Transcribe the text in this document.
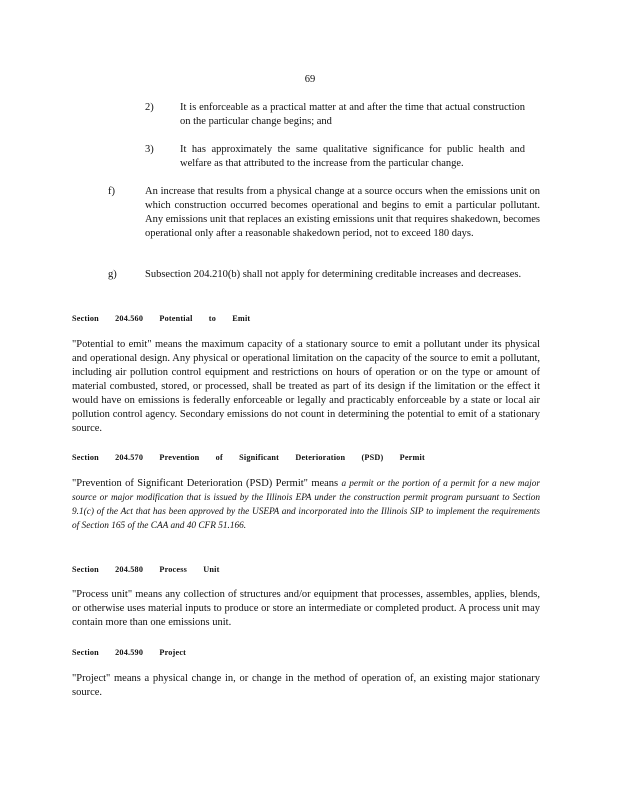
69
2)	It is enforceable as a practical matter at and after the time that actual construction on the particular change begins; and
3)	It has approximately the same qualitative significance for public health and welfare as that attributed to the increase from the particular change.
f)	An increase that results from a physical change at a source occurs when the emissions unit on which construction occurred becomes operational and begins to emit a particular pollutant. Any emissions unit that replaces an existing emissions unit that requires shakedown, becomes operational only after a reasonable shakedown period, not to exceed 180 days.
g)	Subsection 204.210(b) shall not apply for determining creditable increases and decreases.
Section 204.560 Potential to Emit
"Potential to emit" means the maximum capacity of a stationary source to emit a pollutant under its physical and operational design. Any physical or operational limitation on the capacity of the source to emit a pollutant, including air pollution control equipment and restrictions on hours of operation or on the type or amount of material combusted, stored, or processed, shall be treated as part of its design if the limitation or the effect it would have on emissions is federally enforceable or legally and practicably enforceable by a state or local air pollution control agency. Secondary emissions do not count in determining the potential to emit of a stationary source.
Section 204.570 Prevention of Significant Deterioration (PSD) Permit
"Prevention of Significant Deterioration (PSD) Permit" means a permit or the portion of a permit for a new major source or major modification that is issued by the Illinois EPA under the construction permit program pursuant to Section 9.1(c) of the Act that has been approved by the USEPA and incorporated into the Illinois SIP to implement the requirements of Section 165 of the CAA and 40 CFR 51.166.
Section 204.580 Process Unit
"Process unit" means any collection of structures and/or equipment that processes, assembles, applies, blends, or otherwise uses material inputs to produce or store an intermediate or completed product. A process unit may contain more than one emissions unit.
Section 204.590 Project
"Project" means a physical change in, or change in the method of operation of, an existing major stationary source.
